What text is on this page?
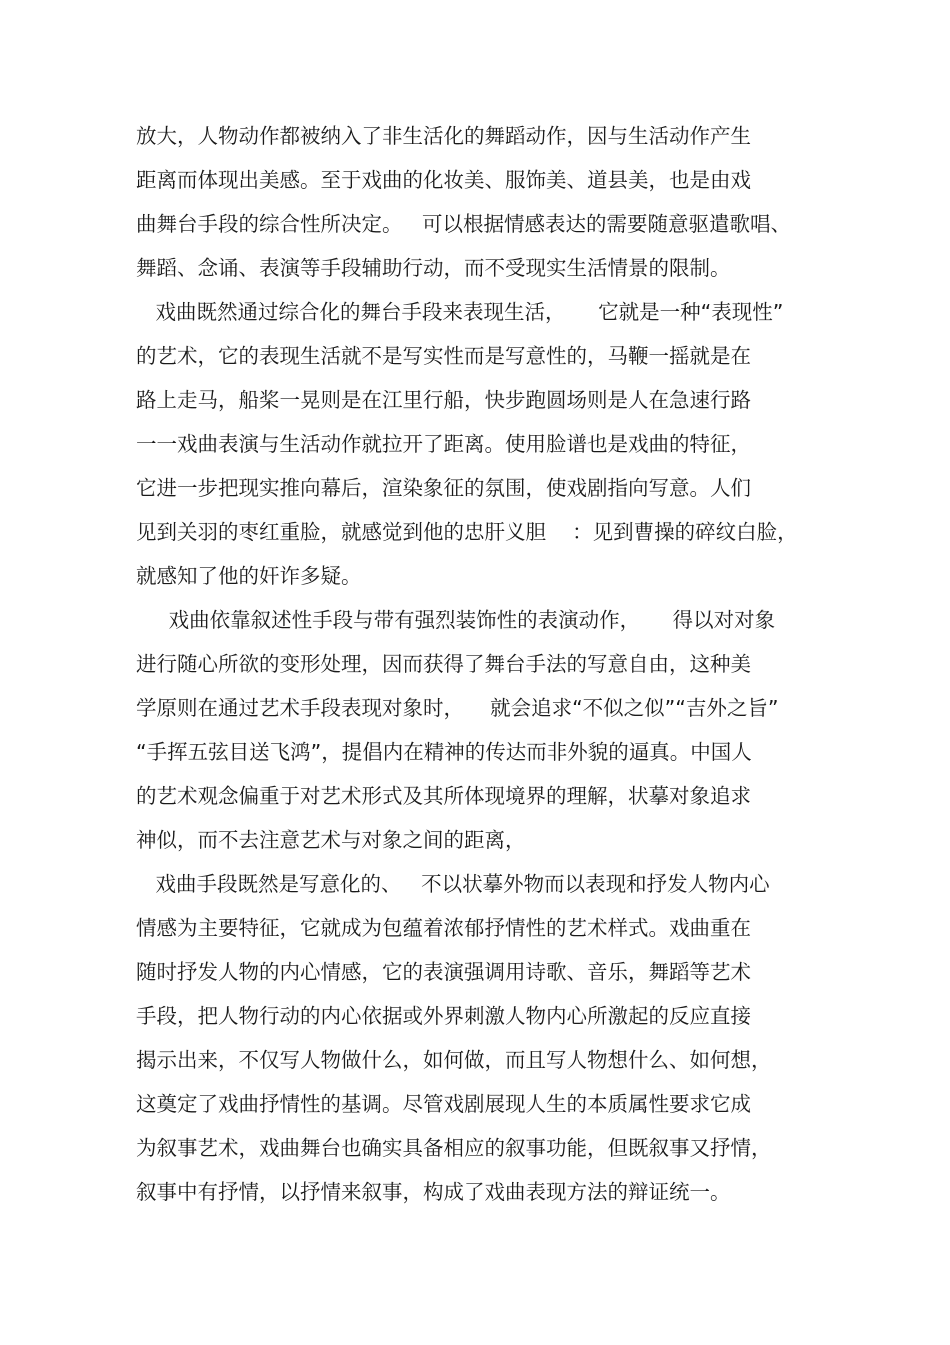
放大，人物动作都被纳入了非生活化的舞蹈动作，因与生活动作产生
距离而体现出美感。至于戏曲的化妆美、服饰美、道县美，也是由戏
曲舞台手段的综合性所决定。   可以根据情感表达的需要随意驱遣歌唱、
舞蹈、念诵、表演等手段辅助行动，而不受现实生活情景的限制。
戏曲既然通过综合化的舞台手段来表现生活，     它就是一种“表现性”
的艺术，它的表现生活就不是写实性而是写意性的，马鞭一摇就是在
路上走马，船桨一晃则是在江里行船，快步跑圆场则是人在急速行路
一一戏曲表演与生活动作就拉开了距离。使用脸谱也是戏曲的特征，
它进一步把现实推向幕后，渲染象征的氛围，使戏剧指向写意。人们
见到关羽的枣红重脸，就感觉到他的忠肝义胆    ：见到曹操的碎纹白脸，
就感知了他的奸诈多疑。
戏曲依靠叙述性手段与带有强烈装饰性的表演动作，     得以对对象
进行随心所欲的变形处理，因而获得了舞台手法的写意自由，这种美
学原则在通过艺术手段表现对象时，    就会追求“不似之似”“吉外之旨”
“手挥五弦目送飞鸿”，提倡内在精神的传达而非外貌的逼真。中国人
的艺术观念偏重于对艺术形式及其所体现境界的理解，状摹对象追求
神似，而不去注意艺术与对象之间的距离，
戏曲手段既然是写意化的、   不以状摹外物而以表现和抒发人物内心
情感为主要特征，它就成为包蕴着浓郁抒情性的艺术样式。戏曲重在
随时抒发人物的内心情感，它的表演强调用诗歌、音乐，舞蹈等艺术
手段，把人物行动的内心依据或外界刺激人物内心所激起的反应直接
揭示出来，不仅写人物做什么，如何做，而且写人物想什么、如何想，
这奠定了戏曲抒情性的基调。尽管戏剧展现人生的本质属性要求它成
为叙事艺术，戏曲舞台也确实具备相应的叙事功能，但既叙事又抒情，
叙事中有抒情，以抒情来叙事，构成了戏曲表现方法的辩证统一。
